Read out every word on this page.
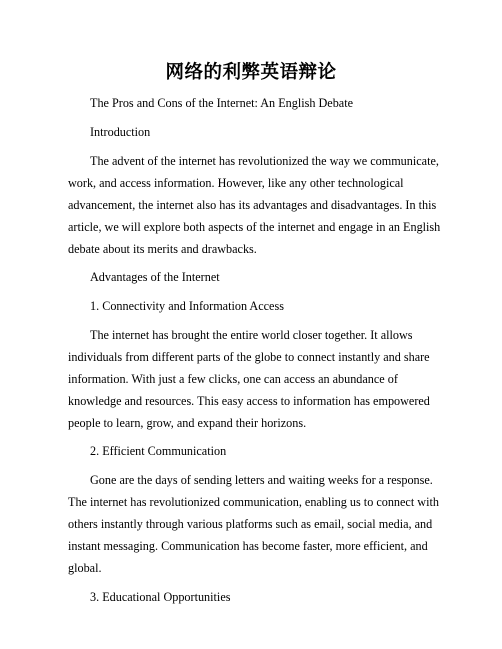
网络的利弊英语辩论
The Pros and Cons of the Internet: An English Debate
Introduction
The advent of the internet has revolutionized the way we communicate,
work, and access information. However, like any other technological
advancement, the internet also has its advantages and disadvantages. In this
article, we will explore both aspects of the internet and engage in an English
debate about its merits and drawbacks.
Advantages of the Internet
1. Connectivity and Information Access
The internet has brought the entire world closer together. It allows
individuals from different parts of the globe to connect instantly and share
information. With just a few clicks, one can access an abundance of
knowledge and resources. This easy access to information has empowered
people to learn, grow, and expand their horizons.
2. Efficient Communication
Gone are the days of sending letters and waiting weeks for a response.
The internet has revolutionized communication, enabling us to connect with
others instantly through various platforms such as email, social media, and
instant messaging. Communication has become faster, more efficient, and
global.
3. Educational Opportunities
